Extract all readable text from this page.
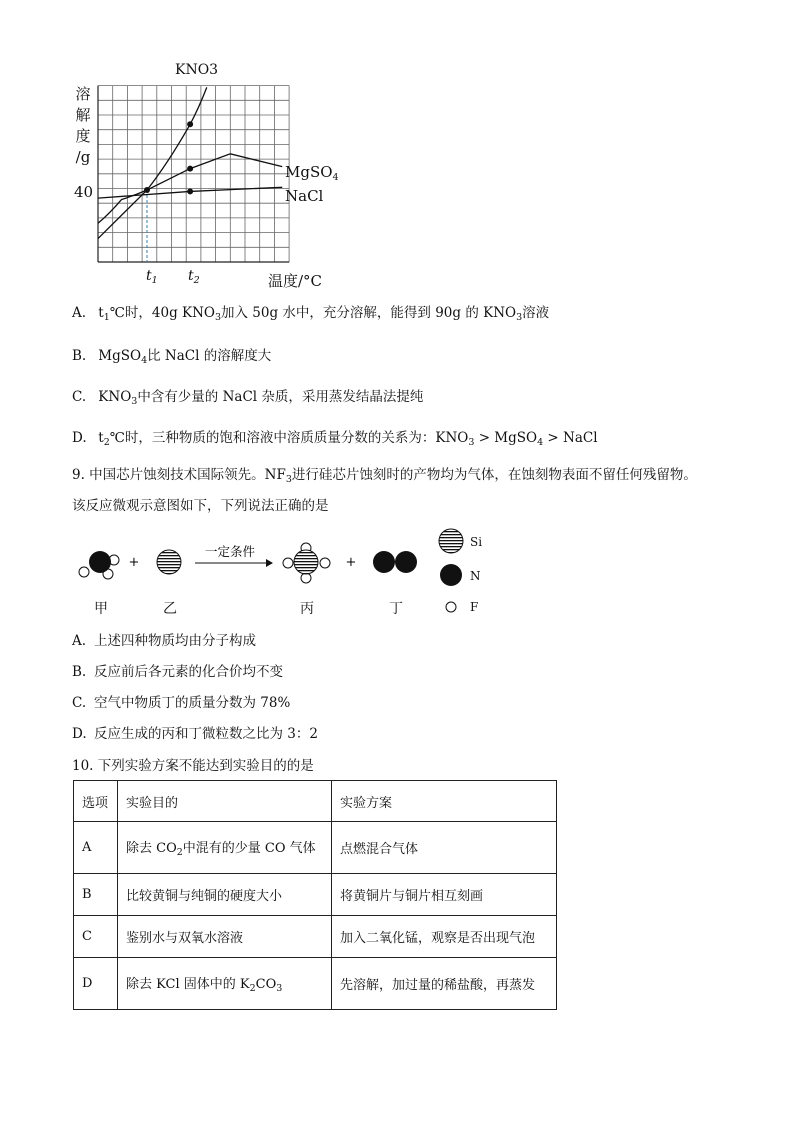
KNO3
溶
解
度
/g
40
$t_1$ $t_2$	温度/°C
MgSO$_4$
NaCl
A. $t_1℃$时，40g $KNO_3$加入 50g 水中，充分溶解，能得到 90g 的 $KNO_3$溶液
B. MgSO$_4$比 NaCl 的溶解度大
C. $KNO_3$中含有少量的 NaCl 杂质，采用蒸发结晶法提纯
D. $t_2℃$时，三种物质的饱和溶液中溶质质量分数的关系为：$KNO_3$ > MgSO$_4$ > NaCl
9. 中国芯片蚀刻技术国际领先。$NF_3$进行硅芯片蚀刻时的产物均为气体，在蚀刻物表面不留任何残留物。
该反应微观示意图如下，下列说法正确的是
+
一定条件
+
Si
N
F
甲	乙	丙	丁
A. 上述四种物质均由分子构成
B. 反应前后各元素的化合价均不变
C. 空气中物质丁的质量分数为 78%
D. 反应生成的丙和丁微粒数之比为 3：2
10. 下列实验方案不能达到实验目的的是
选项	实验目的	实验方案
A	除去 $CO_2$中混有的少量 CO 气体	点燃混合气体
B	比较黄铜与纯铜的硬度大小	将黄铜片与铜片相互刻画
C	鉴别水与双氧水溶液	加入二氧化锰，观察是否出现气泡
D	除去 KCl 固体中的 $K_2CO_3$	先溶解，加过量的稀盐酸，再蒸发
